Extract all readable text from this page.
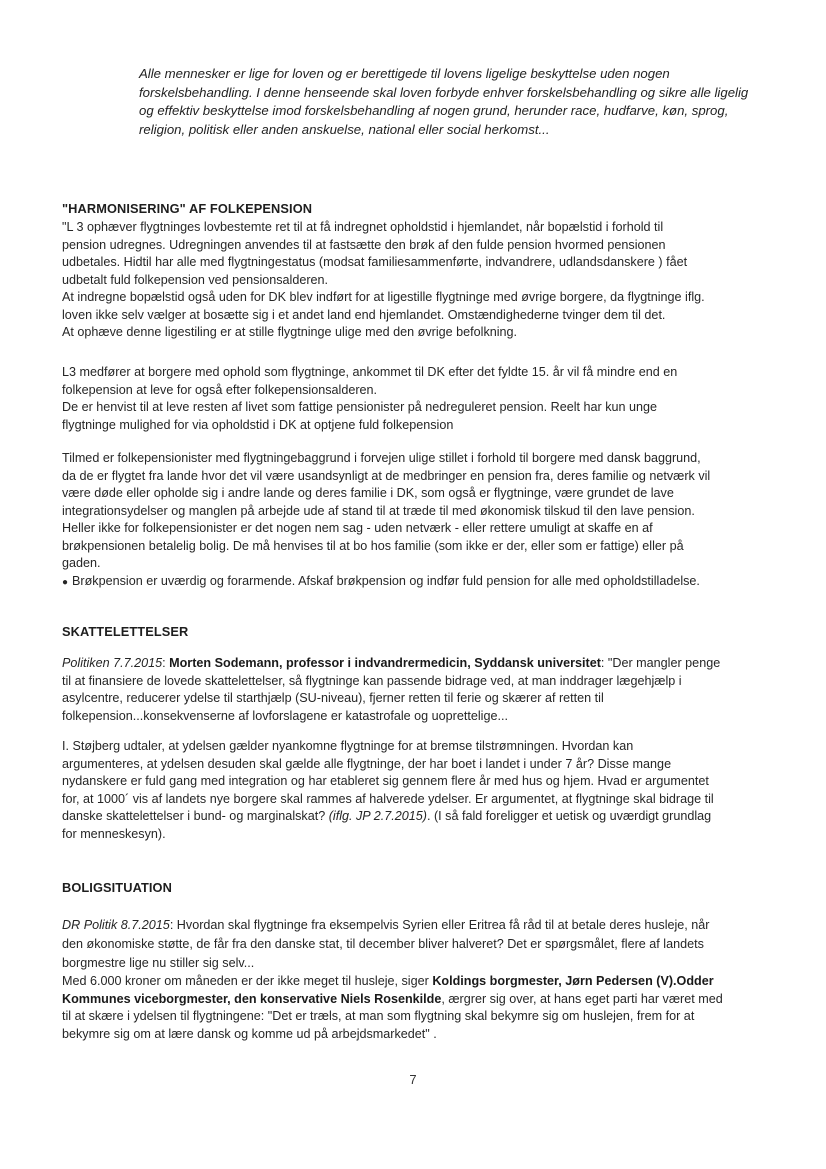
Alle mennesker er lige for loven og er berettigede til lovens ligelige beskyttelse uden nogen
forskelsbehandling. I denne henseende skal loven forbyde enhver forskelsbehandling og sikre alle ligelig
og effektiv beskyttelse imod forskelsbehandling af nogen grund, herunder race, hudfarve, køn, sprog,
religion, politisk eller anden anskuelse, national eller social herkomst...
"HARMONISERING" AF FOLKEPENSION
"L 3 ophæver flygtninges lovbestemte ret til at få indregnet opholdstid i hjemlandet, når bopælstid i forhold til
pension udregnes. Udregningen anvendes til at fastsætte den brøk af den fulde pension hvormed pensionen
udbetales. Hidtil har alle med flygtningestatus (modsat familiesammenførte, indvandrere, udlandsdanskere ) fået
udbetalt fuld folkepension ved pensionsalderen.
At indregne bopælstid også uden for DK blev indført for at ligestille flygtninge med øvrige borgere, da flygtninge iflg.
loven ikke selv vælger at bosætte sig i et andet land end hjemlandet. Omstændighederne tvinger dem til det.
At ophæve denne ligestiling er at stille flygtninge ulige med den øvrige befolkning.
L3 medfører at borgere med ophold som flygtninge, ankommet til DK efter det fyldte 15. år vil få mindre end en
folkepension at leve for også efter folkepensionsalderen.
De er henvist til at leve resten af livet som fattige pensionister på nedreguleret pension. Reelt har kun unge
flygtninge mulighed for via opholdstid i DK at optjene fuld folkepension
Tilmed er folkepensionister med flygtningebaggrund i forvejen ulige stillet i forhold til borgere med dansk baggrund,
da de er flygtet fra lande hvor det vil være usandsynligt at de medbringer en pension fra, deres familie og netværk vil
være døde eller opholde sig i andre lande og deres familie i DK, som også er flygtninge, være grundet de lave
integrationsydelser og manglen på arbejde ude af stand til at træde til med økonomisk tilskud til den lave pension.
Heller ikke for folkepensionister er det nogen nem sag - uden netværk - eller rettere umuligt at skaffe en af
brøkpensionen betalelig bolig. De må henvises til at bo hos familie (som ikke er der, eller som er fattige) eller på
gaden.
● Brøkpension er uværdig og forarmende. Afskaf brøkpension og indfør fuld pension for alle med opholdstilladelse.
SKATTELETTELSER
Politiken 7.7.2015: Morten Sodemann, professor i indvandrermedicin, Syddansk universitet: "Der mangler penge
til at finansiere de lovede skattelettelser, så flygtninge kan passende bidrage ved, at man inddrager lægehjælp i
asylcentre, reducerer ydelse til starthjælp (SU-niveau), fjerner retten til ferie og skærer af retten til
folkepension...konsekvenserne af lovforslagene er katastrofale og uoprettelige...
I. Støjberg udtaler, at ydelsen gælder nyankomne flygtninge for at bremse tilstrømningen. Hvordan kan
argumenteres, at ydelsen desuden skal gælde alle flygtninge, der har boet i landet i under 7 år? Disse mange
nydanskere er fuld gang med integration og har etableret sig gennem flere år med hus og hjem. Hvad er argumentet
for, at 1000´ vis af landets nye borgere skal rammes af halverede ydelser. Er argumentet, at flygtninge skal bidrage til
danske skattelettelser i bund- og marginalskat? (iflg. JP 2.7.2015). (I så fald foreligger et uetisk og uværdigt grundlag
for menneskesyn).
BOLIGSITUATION
DR Politik 8.7.2015: Hvordan skal flygtninge fra eksempelvis Syrien eller Eritrea få råd til at betale deres husleje, når
den økonomiske støtte, de får fra den danske stat, til december bliver halveret? Det er spørgsmålet, flere af landets
borgmestre lige nu stiller sig selv...
Med 6.000 kroner om måneden er der ikke meget til husleje, siger Koldings borgmester, Jørn Pedersen (V).Odder
Kommunes viceborgmester, den konservative Niels Rosenkilde, ærgrer sig over, at hans eget parti har været med
til at skære i ydelsen til flygtningene: "Det er træls, at man som flygtning skal bekymre sig om huslejen, frem for at
bekymre sig om at lære dansk og komme ud på arbejdsmarkedet" .
7
